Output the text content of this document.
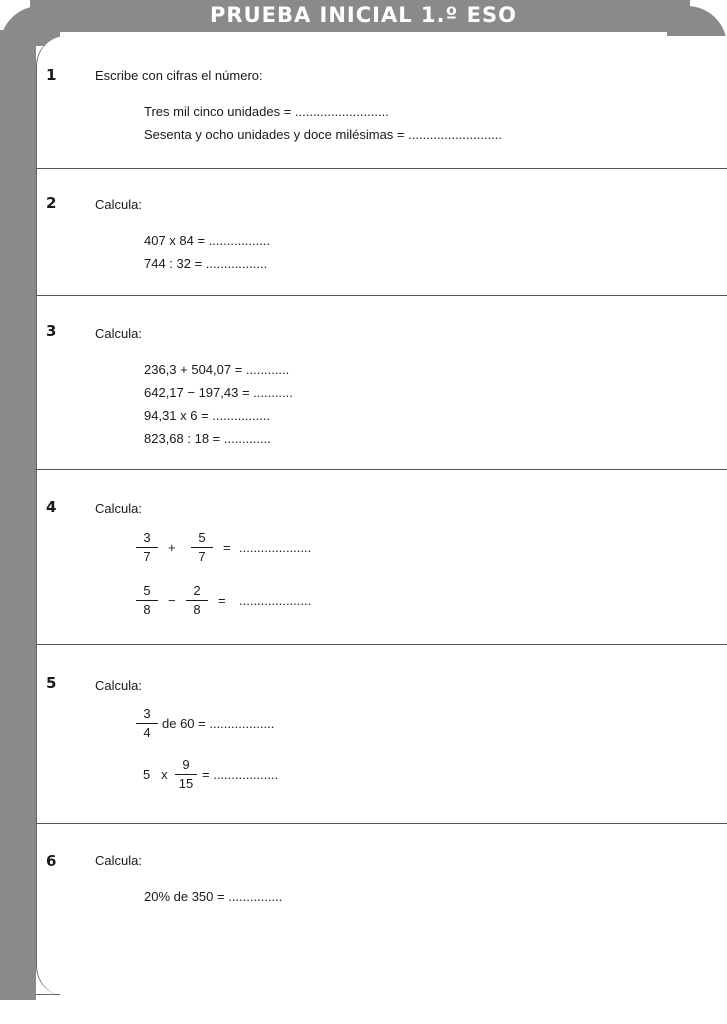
PRUEBA INICIAL 1.º ESO
1	Escribe con cifras el número:
Tres mil cinco unidades = ..........................
Sesenta y ocho unidades y doce milésimas = ..........................
2	Calcula:
407 x 84 = .................
744 : 32 = .................
3	Calcula:
236,3 + 504,07 = ............
642,17 − 197,43 = ...........
94,31 x 6 = ................
823,68 : 18 = .............
4	Calcula:
3
7
+
5
7
= ....................
5
8
−
2
8
= ....................
5	Calcula:
3
4
de 60 = ..................
5   x
9
15
= ..................
6	Calcula:
20% de 350 = ...............
